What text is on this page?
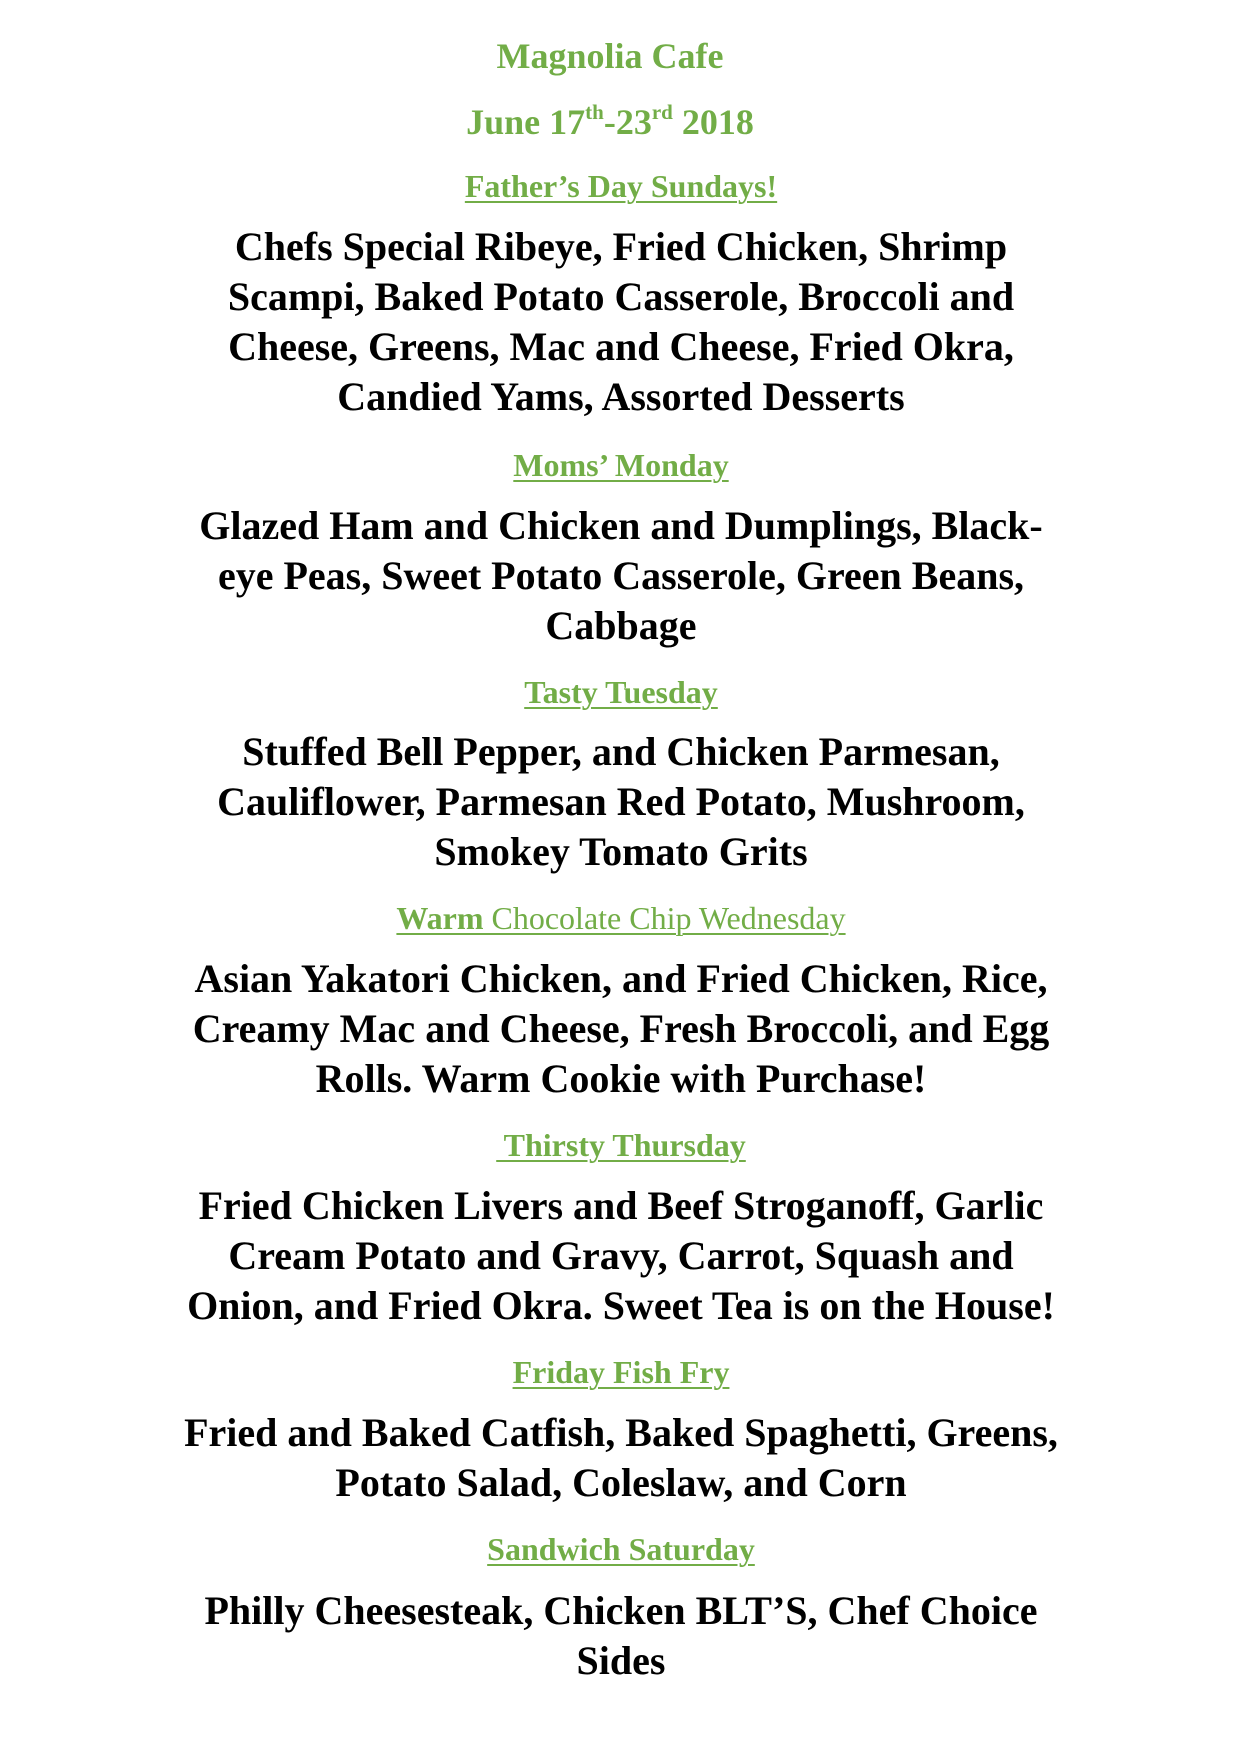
Magnolia Cafe
June 17th-23rd 2018
Father’s Day Sundays!
Chefs Special Ribeye, Fried Chicken, Shrimp
Scampi, Baked Potato Casserole, Broccoli and
Cheese, Greens, Mac and Cheese, Fried Okra,
Candied Yams, Assorted Desserts
Moms’ Monday
Glazed Ham and Chicken and Dumplings, Black-
eye Peas, Sweet Potato Casserole, Green Beans,
Cabbage
Tasty Tuesday
Stuffed Bell Pepper, and Chicken Parmesan,
Cauliflower, Parmesan Red Potato, Mushroom,
Smokey Tomato Grits
Warm Chocolate Chip Wednesday
Asian Yakatori Chicken, and Fried Chicken, Rice,
Creamy Mac and Cheese, Fresh Broccoli, and Egg
Rolls. Warm Cookie with Purchase!
Thirsty Thursday
Fried Chicken Livers and Beef Stroganoff, Garlic
Cream Potato and Gravy, Carrot, Squash and
Onion, and Fried Okra. Sweet Tea is on the House!
Friday Fish Fry
Fried and Baked Catfish, Baked Spaghetti, Greens,
Potato Salad, Coleslaw, and Corn
Sandwich Saturday
Philly Cheesesteak, Chicken BLT’S, Chef Choice
Sides
